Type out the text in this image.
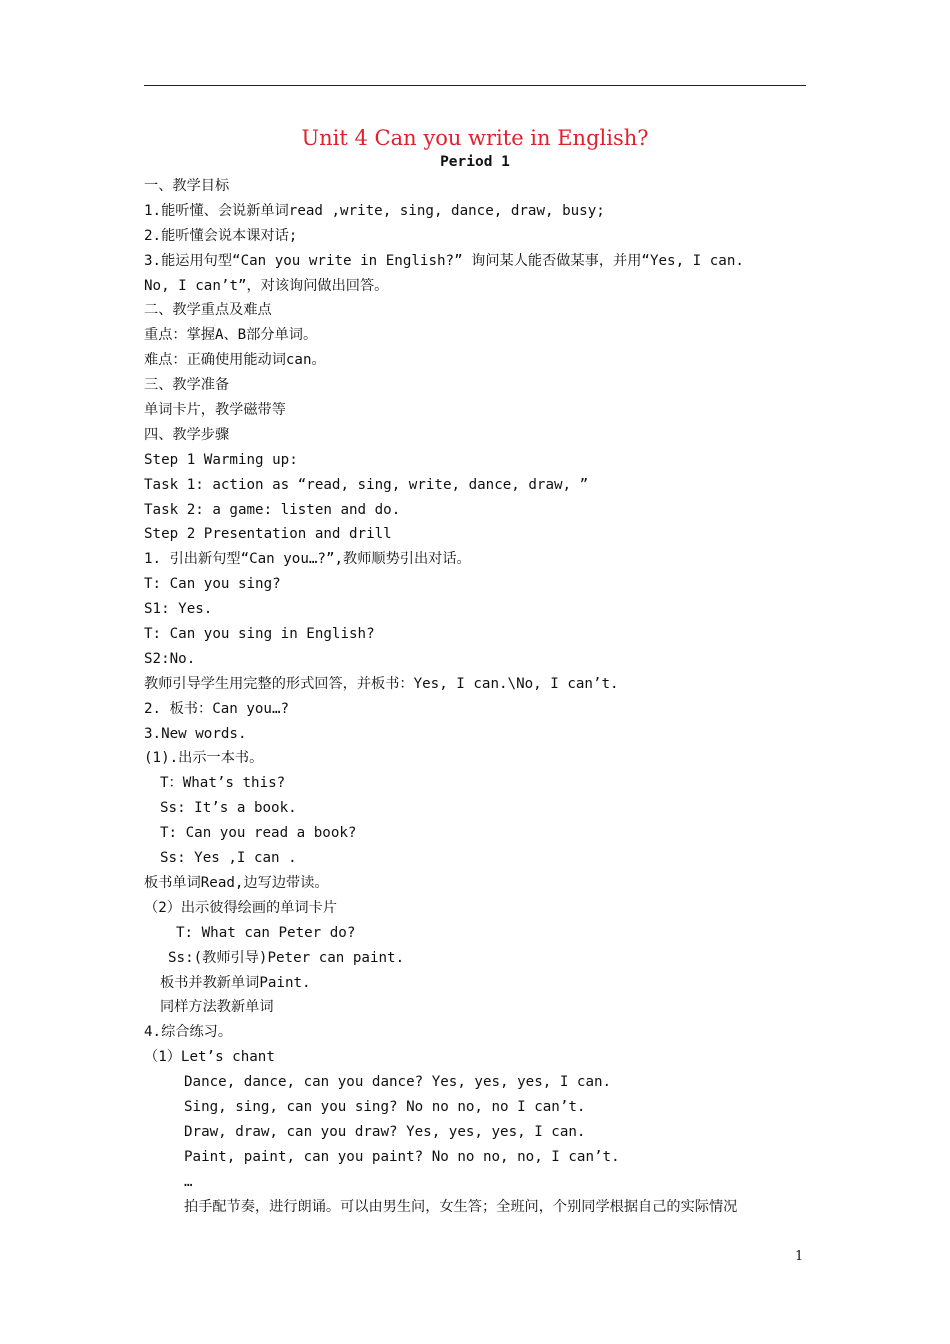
Unit 4 Can you write in English?
Period 1
一、教学目标
1.能听懂、会说新单词read ,write, sing, dance, draw, busy;
2.能听懂会说本课对话;
3.能运用句型“Can you write in English?” 询问某人能否做某事，并用“Yes, I can.
No, I can’t”，对该询问做出回答。
二、教学重点及难点
重点：掌握A、B部分单词。
难点：正确使用能动词can。
三、教学准备
单词卡片，教学磁带等
四、教学步骤
Step 1 Warming up:
Task 1: action as “read, sing, write, dance, draw, ”
Task 2: a game: listen and do.
Step 2 Presentation and drill
1. 引出新句型“Can you…?”,教师顺势引出对话。
T: Can you sing?
S1: Yes.
T: Can you sing in English?
S2:No.
教师引导学生用完整的形式回答，并板书：Yes, I can.\No, I can’t.
2. 板书：Can you…?
3.New words.
(1).出示一本书。
T：What’s this?
Ss: It’s a book.
T: Can you read a book?
Ss: Yes ,I can .
板书单词Read,边写边带读。
（2）出示彼得绘画的单词卡片
T: What can Peter do?
Ss:(教师引导)Peter can paint.
板书并教新单词Paint.
同样方法教新单词
4.综合练习。
（1）Let’s chant
Dance, dance, can you dance? Yes, yes, yes, I can.
Sing, sing, can you sing? No no no, no I can’t.
Draw, draw, can you draw? Yes, yes, yes, I can.
Paint, paint, can you paint? No no no, no, I can’t.
…
拍手配节奏，进行朗诵。可以由男生问，女生答；全班问，个别同学根据自己的实际情况
1
